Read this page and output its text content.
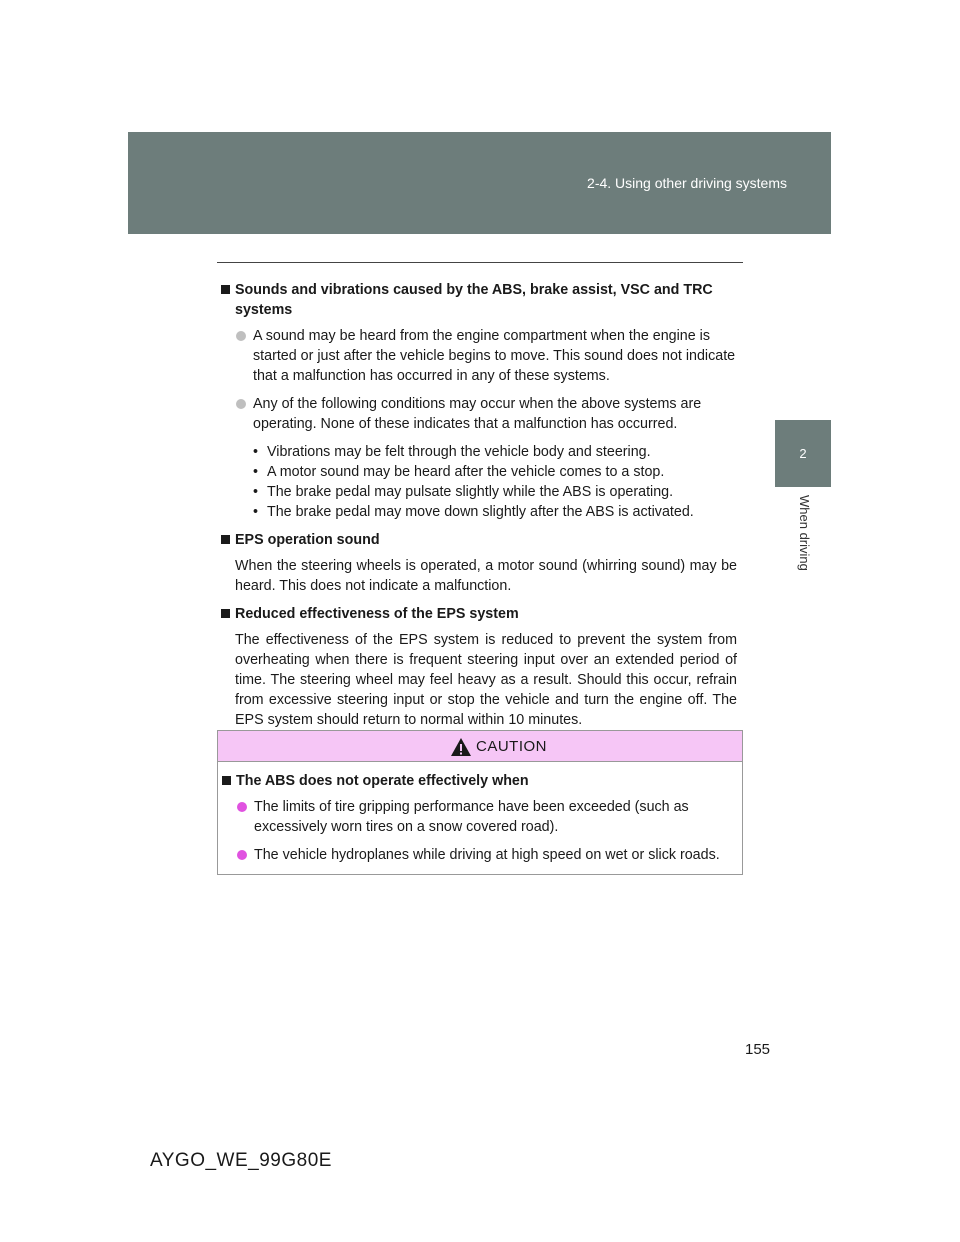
2-4. Using other driving systems
2
When driving
Sounds and vibrations caused by the ABS, brake assist, VSC and TRC systems
A sound may be heard from the engine compartment when the engine is started or just after the vehicle begins to move. This sound does not indicate that a malfunction has occurred in any of these systems.
Any of the following conditions may occur when the above systems are operating. None of these indicates that a malfunction has occurred.
• Vibrations may be felt through the vehicle body and steering.
• A motor sound may be heard after the vehicle comes to a stop.
• The brake pedal may pulsate slightly while the ABS is operating.
• The brake pedal may move down slightly after the ABS is activated.
EPS operation sound
When the steering wheels is operated, a motor sound (whirring sound) may be heard. This does not indicate a malfunction.
Reduced effectiveness of the EPS system
The effectiveness of the EPS system is reduced to prevent the system from overheating when there is frequent steering input over an extended period of time. The steering wheel may feel heavy as a result. Should this occur, refrain from excessive steering input or stop the vehicle and turn the engine off. The EPS system should return to normal within 10 minutes.
CAUTION
The ABS does not operate effectively when
The limits of tire gripping performance have been exceeded (such as excessively worn tires on a snow covered road).
The vehicle hydroplanes while driving at high speed on wet or slick roads.
155
AYGO_WE_99G80E
